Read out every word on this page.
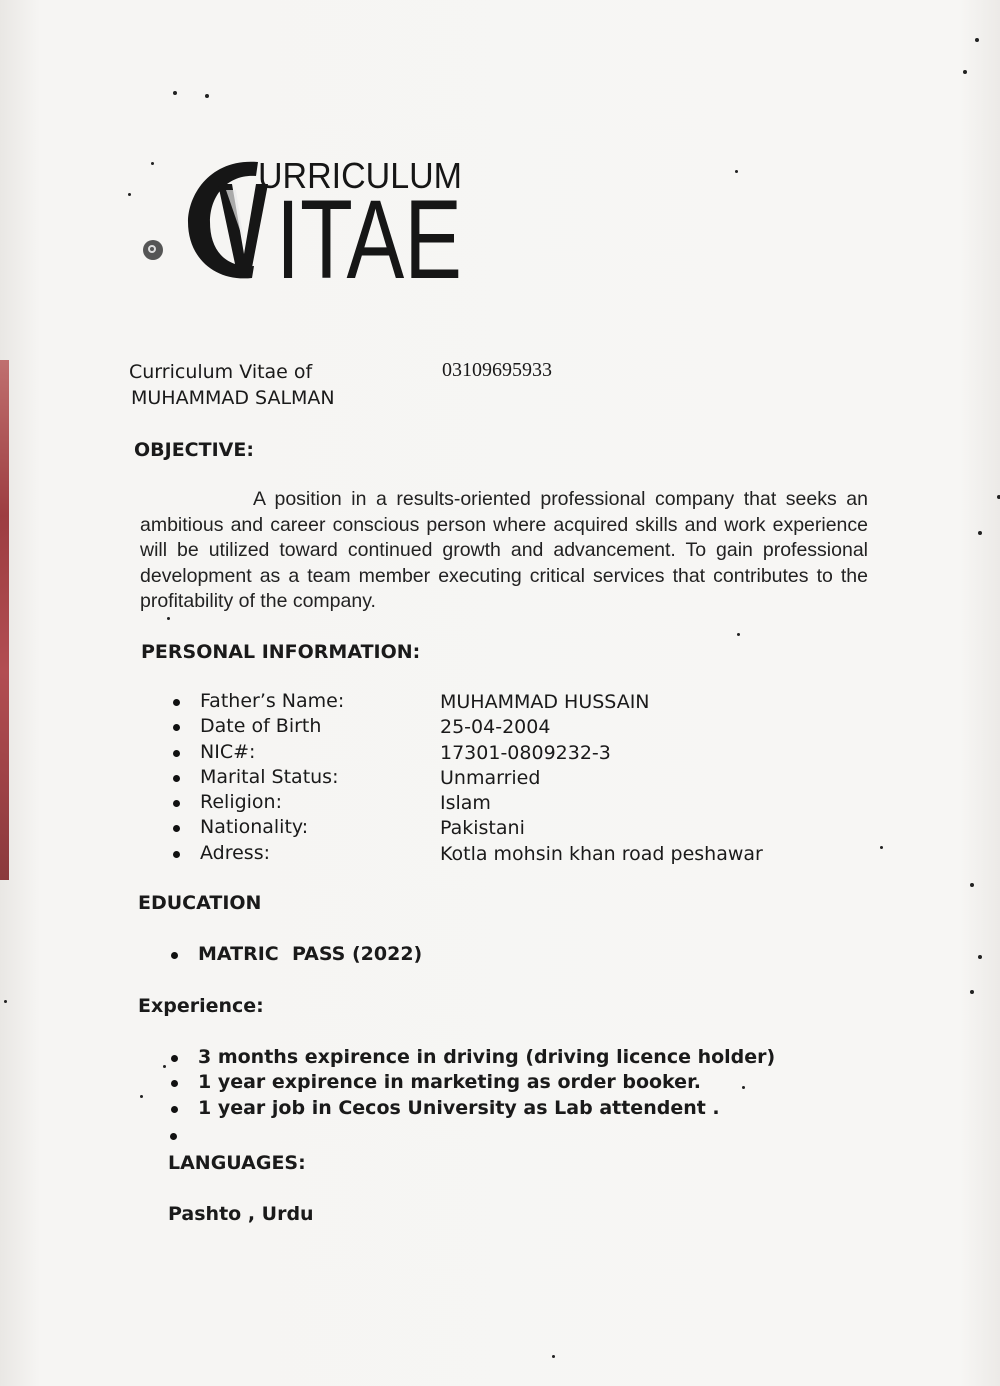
URRICULUM
ITAE
Curriculum Vitae of
MUHAMMAD SALMAN
03109695933
OBJECTIVE:
A position in a results-oriented professional company that seeks an ambitious and career conscious person where acquired skills and work experience will be utilized toward continued growth and advancement. To gain professional development as a team member executing critical services that contributes to the profitability of the company.
PERSONAL INFORMATION:
Father’s Name:
Date of Birth
NIC#:
Marital Status:
Religion:
Nationality:
Adress:
MUHAMMAD HUSSAIN
25-04-2004
17301-0809232-3
Unmarried
Islam
Pakistani
Kotla mohsin khan road peshawar
EDUCATION
MATRIC  PASS (2022)
Experience:
3 months expirence in driving (driving licence holder)
1 year expirence in marketing as order booker.
1 year job in Cecos University as Lab attendent .
LANGUAGES:
Pashto , Urdu
